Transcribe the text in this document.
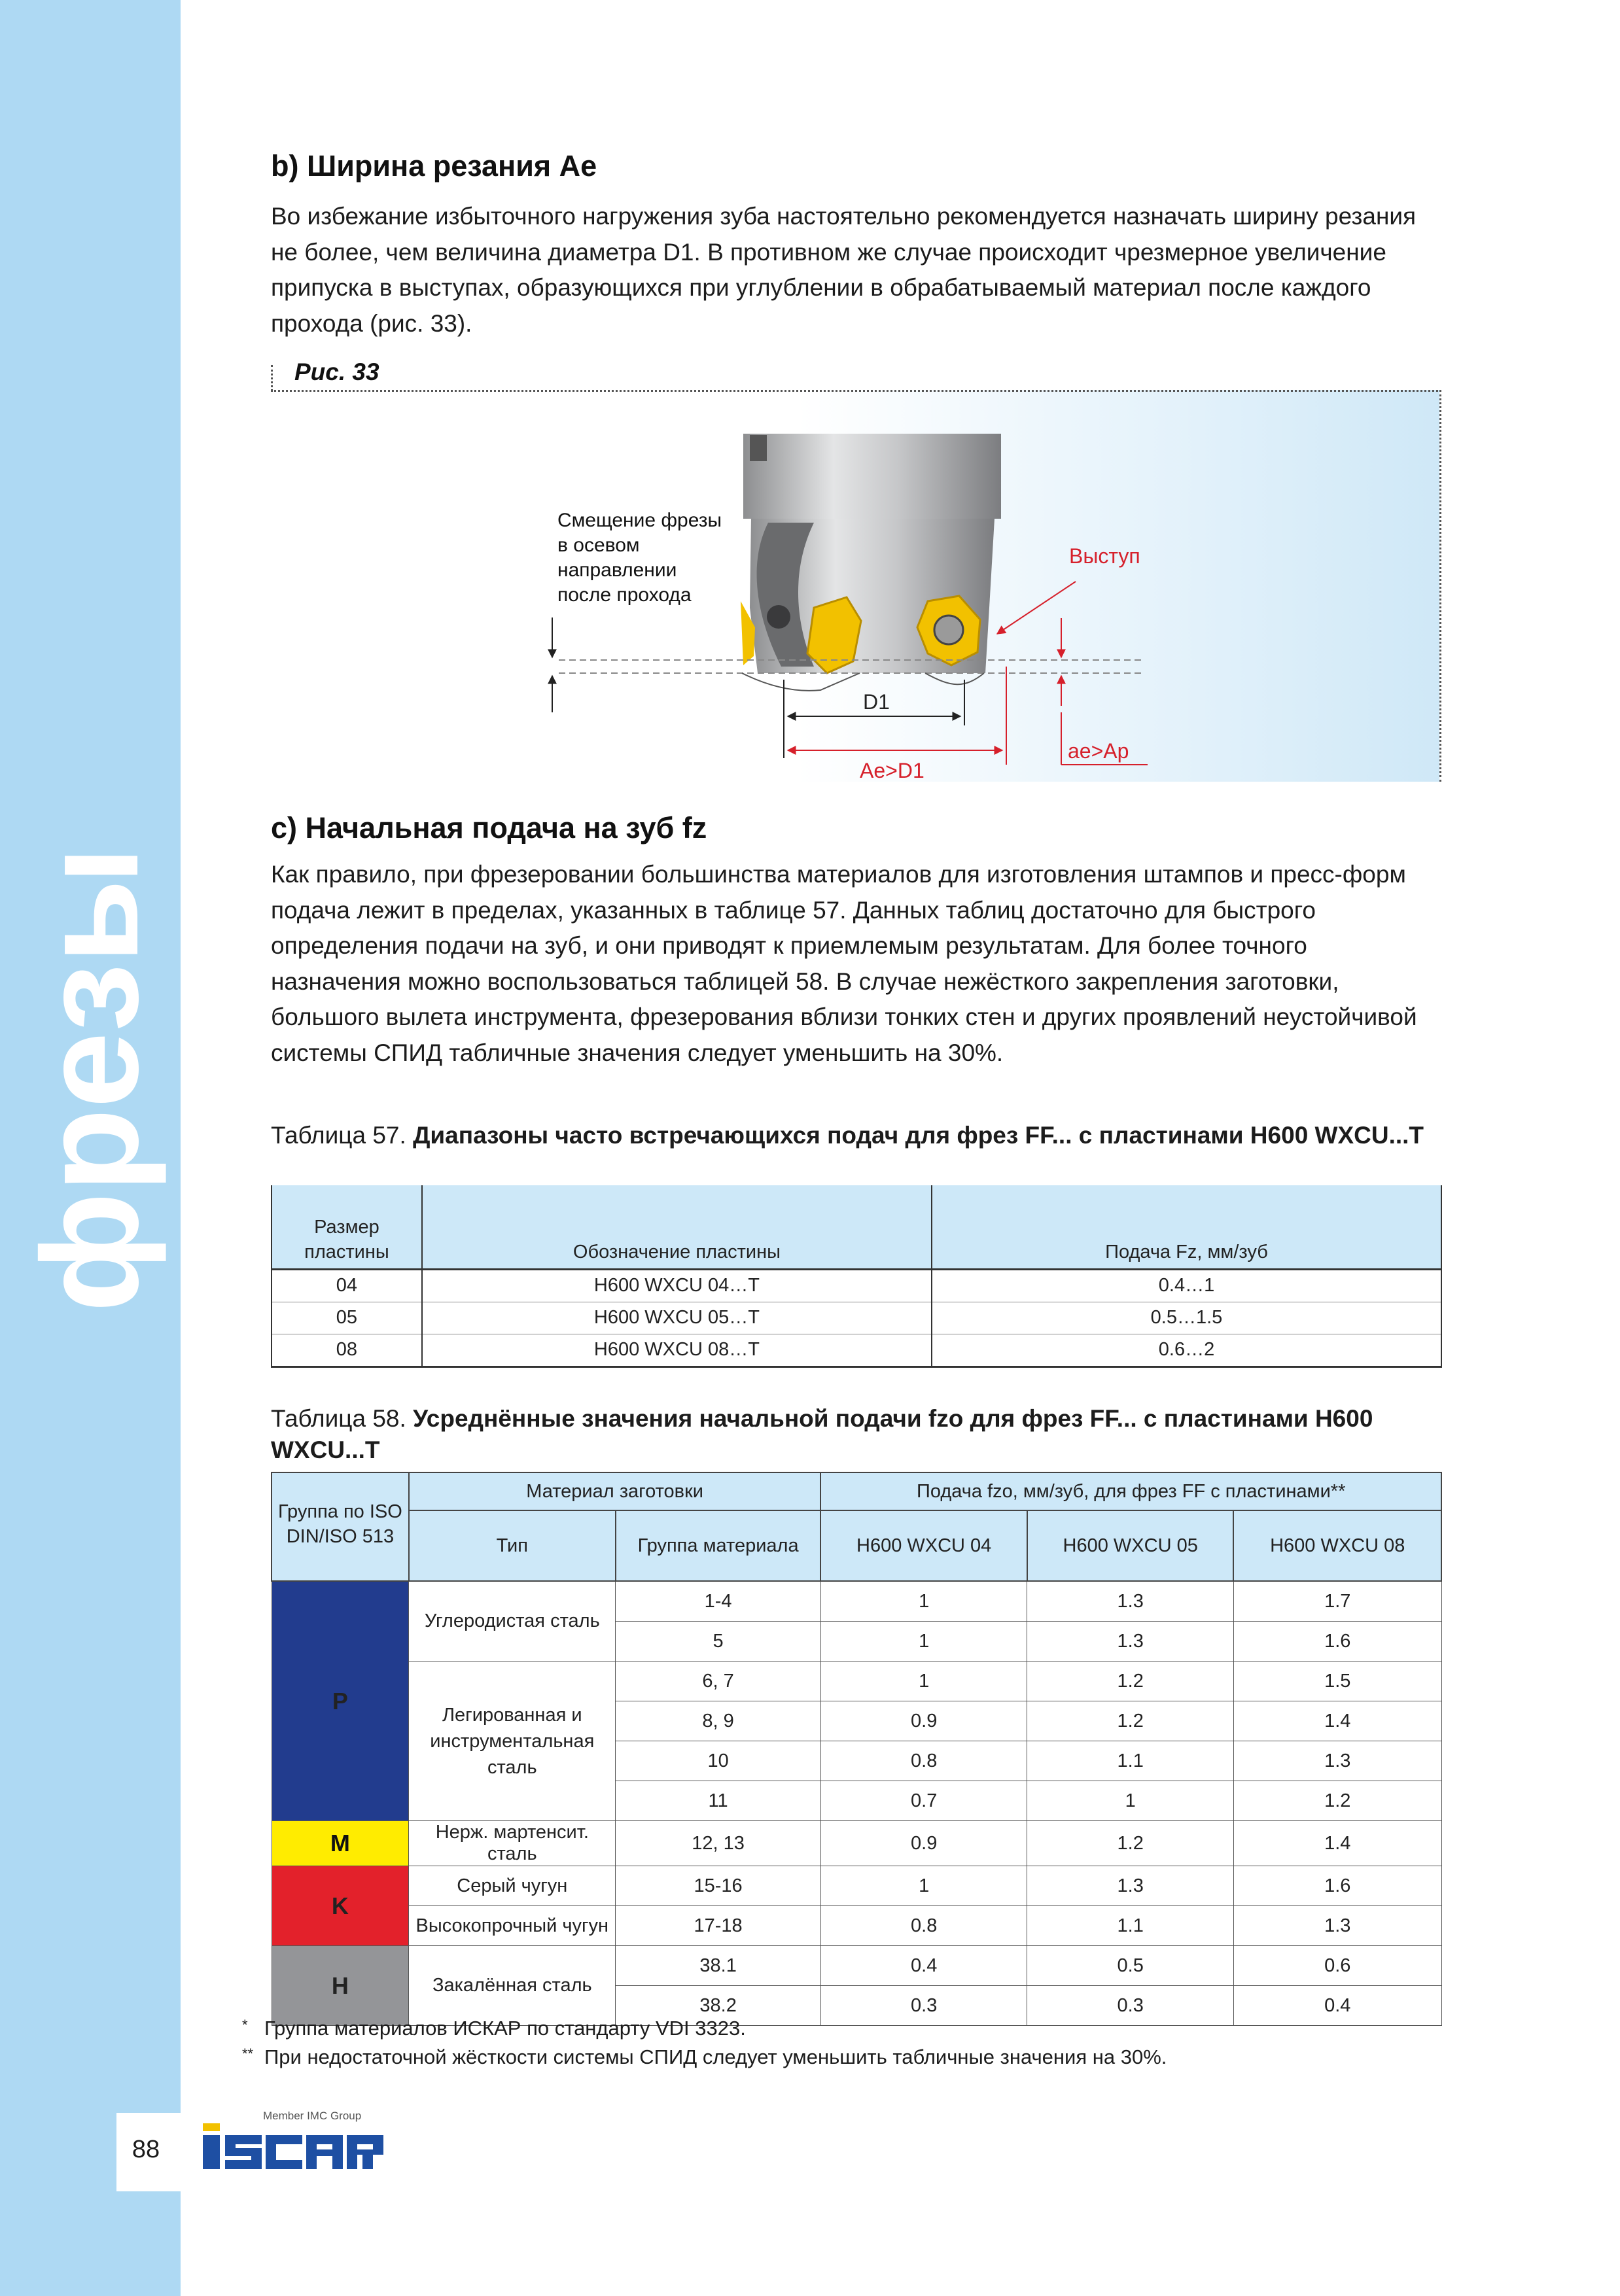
фрезы
88
Member IMC Group
b) Ширина резания Ae

Во избежание избыточного нагружения зуба настоятельно рекомендуется назначать ширину резания не более, чем величина диаметра D1. В противном же случае происходит чрезмерное увеличение припуска в выступах, образующихся при углублении в обрабатываемый материал после каждого прохода (рис. 33).

Рис. 33
Смещение фрезы
в осевом
направлении
после прохода
Выступ
D1
Ae>D1
ae>Ap
c) Начальная подача на зуб fz

Как правило, при фрезеровании большинства материалов для изготовления штампов и пресс-форм подача лежит в пределах, указанных в таблице 57. Данных таблиц достаточно для быстрого определения подачи на зуб, и они приводят к приемлемым результатам. Для более точного назначения можно воспользоваться таблицей 58. В случае нежёсткого закрепления заготовки, большого вылета инструмента, фрезерования вблизи тонких стен и других проявлений неустойчивой системы СПИД табличные значения следует уменьшить на 30%.

Таблица 57. Диапазоны часто встречающихся подач для фрез FF... с пластинами H600 WXCU...T

Размер пластины	Обозначение пластины	Подача Fz, мм/зуб
04	H600 WXCU 04…T	0.4…1
05	H600 WXCU 05…T	0.5…1.5
08	H600 WXCU 08…T	0.6…2

Таблица 58. Усреднённые значения начальной подачи fzo для фрез FF... с пластинами H600 WXCU...T

Группа по ISO DIN/ISO 513	Материал заготовки		Подача fzo, мм/зуб, для фрез FF с пластинами**		
	Тип	Группа материала	H600 WXCU 04	H600 WXCU 05	H600 WXCU 08
P	Углеродистая сталь	1-4	1	1.3	1.7
		5	1	1.3	1.6
	Легированная и инструментальная сталь	6, 7	1	1.2	1.5
		8, 9	0.9	1.2	1.4
		10	0.8	1.1	1.3
		11	0.7	1	1.2
M	Нерж. мартенсит. сталь	12, 13	0.9	1.2	1.4
K	Серый чугун	15-16	1	1.3	1.6
	Высокопрочный чугун	17-18	0.8	1.1	1.3
H	Закалённая сталь	38.1	0.4	0.5	0.6
		38.2	0.3	0.3	0.4

* Группа материалов ИСКАР по стандарту VDI 3323.

** При недостаточной жёсткости системы СПИД следует уменьшить табличные значения на 30%.
